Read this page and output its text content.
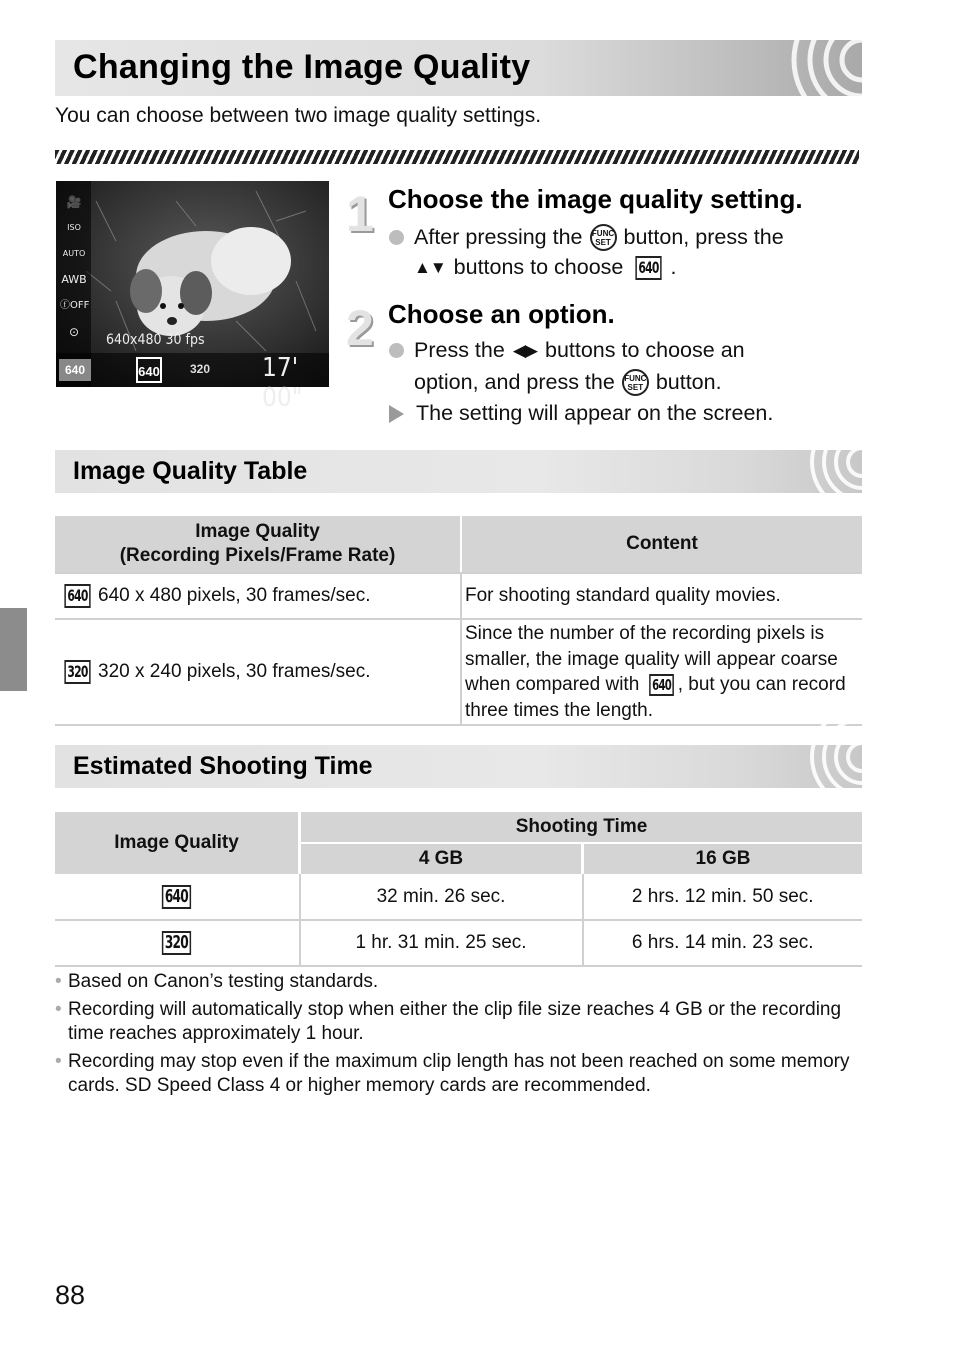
Changing the Image Quality
You can choose between two image quality settings.
🎥
ISO AUTO
AWB
ⓕOFF
⊙	640x480 30 fps
640	640	320 17' 00"
1 Choose the image quality setting.
After pressing the FUNC
SET button, press the
▲▼ buttons to choose 640 .
2 Choose an option.
Press the ◀▶ buttons to choose an
option, and press the FUNC
SET button.
The setting will appear on the screen.
Image Quality Table
Image Quality
(Recording Pixels/Frame Rate)	Content
640 640 x 480 pixels, 30 frames/sec.	For shooting standard quality movies.
320 320 x 240 pixels, 30 frames/sec.	Since the number of the recording pixels is smaller, the image quality will appear coarse when compared with 640 , but you can record three times the length.
Estimated Shooting Time
Image Quality	Shooting Time	
	4 GB	16 GB
640	32 min. 26 sec.	2 hrs. 12 min. 50 sec.
320	1 hr. 31 min. 25 sec.	6 hrs. 14 min. 23 sec.
• Based on Canon’s testing standards.
• Recording will automatically stop when either the clip file size reaches 4 GB or the recording time reaches approximately 1 hour.
• Recording may stop even if the maximum clip length has not been reached on some memory cards. SD Speed Class 4 or higher memory cards are recommended.
88
